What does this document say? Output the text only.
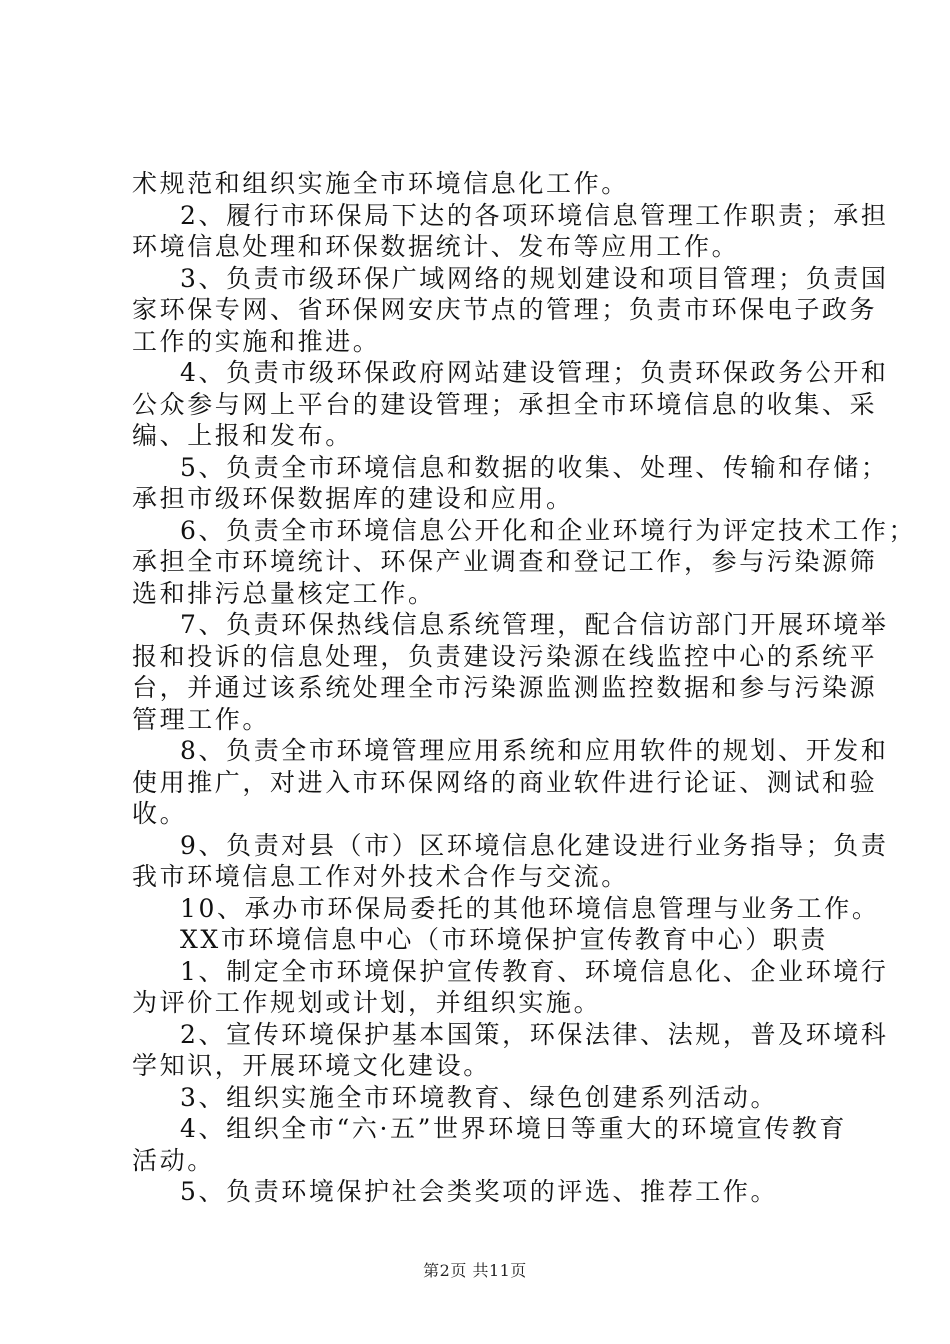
术规范和组织实施全市环境信息化工作。
2、履行市环保局下达的各项环境信息管理工作职责；承担
环境信息处理和环保数据统计、发布等应用工作。
3、负责市级环保广域网络的规划建设和项目管理；负责国
家环保专网、省环保网安庆节点的管理；负责市环保电子政务
工作的实施和推进。
4、负责市级环保政府网站建设管理；负责环保政务公开和
公众参与网上平台的建设管理；承担全市环境信息的收集、采
编、上报和发布。
5、负责全市环境信息和数据的收集、处理、传输和存储；
承担市级环保数据库的建设和应用。
6、负责全市环境信息公开化和企业环境行为评定技术工作；
承担全市环境统计、环保产业调查和登记工作，参与污染源筛
选和排污总量核定工作。
7、负责环保热线信息系统管理，配合信访部门开展环境举
报和投诉的信息处理，负责建设污染源在线监控中心的系统平
台，并通过该系统处理全市污染源监测监控数据和参与污染源
管理工作。
8、负责全市环境管理应用系统和应用软件的规划、开发和
使用推广，对进入市环保网络的商业软件进行论证、测试和验
收。
9、负责对县（市）区环境信息化建设进行业务指导；负责
我市环境信息工作对外技术合作与交流。
10、承办市环保局委托的其他环境信息管理与业务工作。
XX市环境信息中心（市环境保护宣传教育中心）职责
1、制定全市环境保护宣传教育、环境信息化、企业环境行
为评价工作规划或计划，并组织实施。
2、宣传环境保护基本国策，环保法律、法规，普及环境科
学知识，开展环境文化建设。
3、组织实施全市环境教育、绿色创建系列活动。
4、组织全市“六·五”世界环境日等重大的环境宣传教育
活动。
5、负责环境保护社会类奖项的评选、推荐工作。
第2页 共11页
